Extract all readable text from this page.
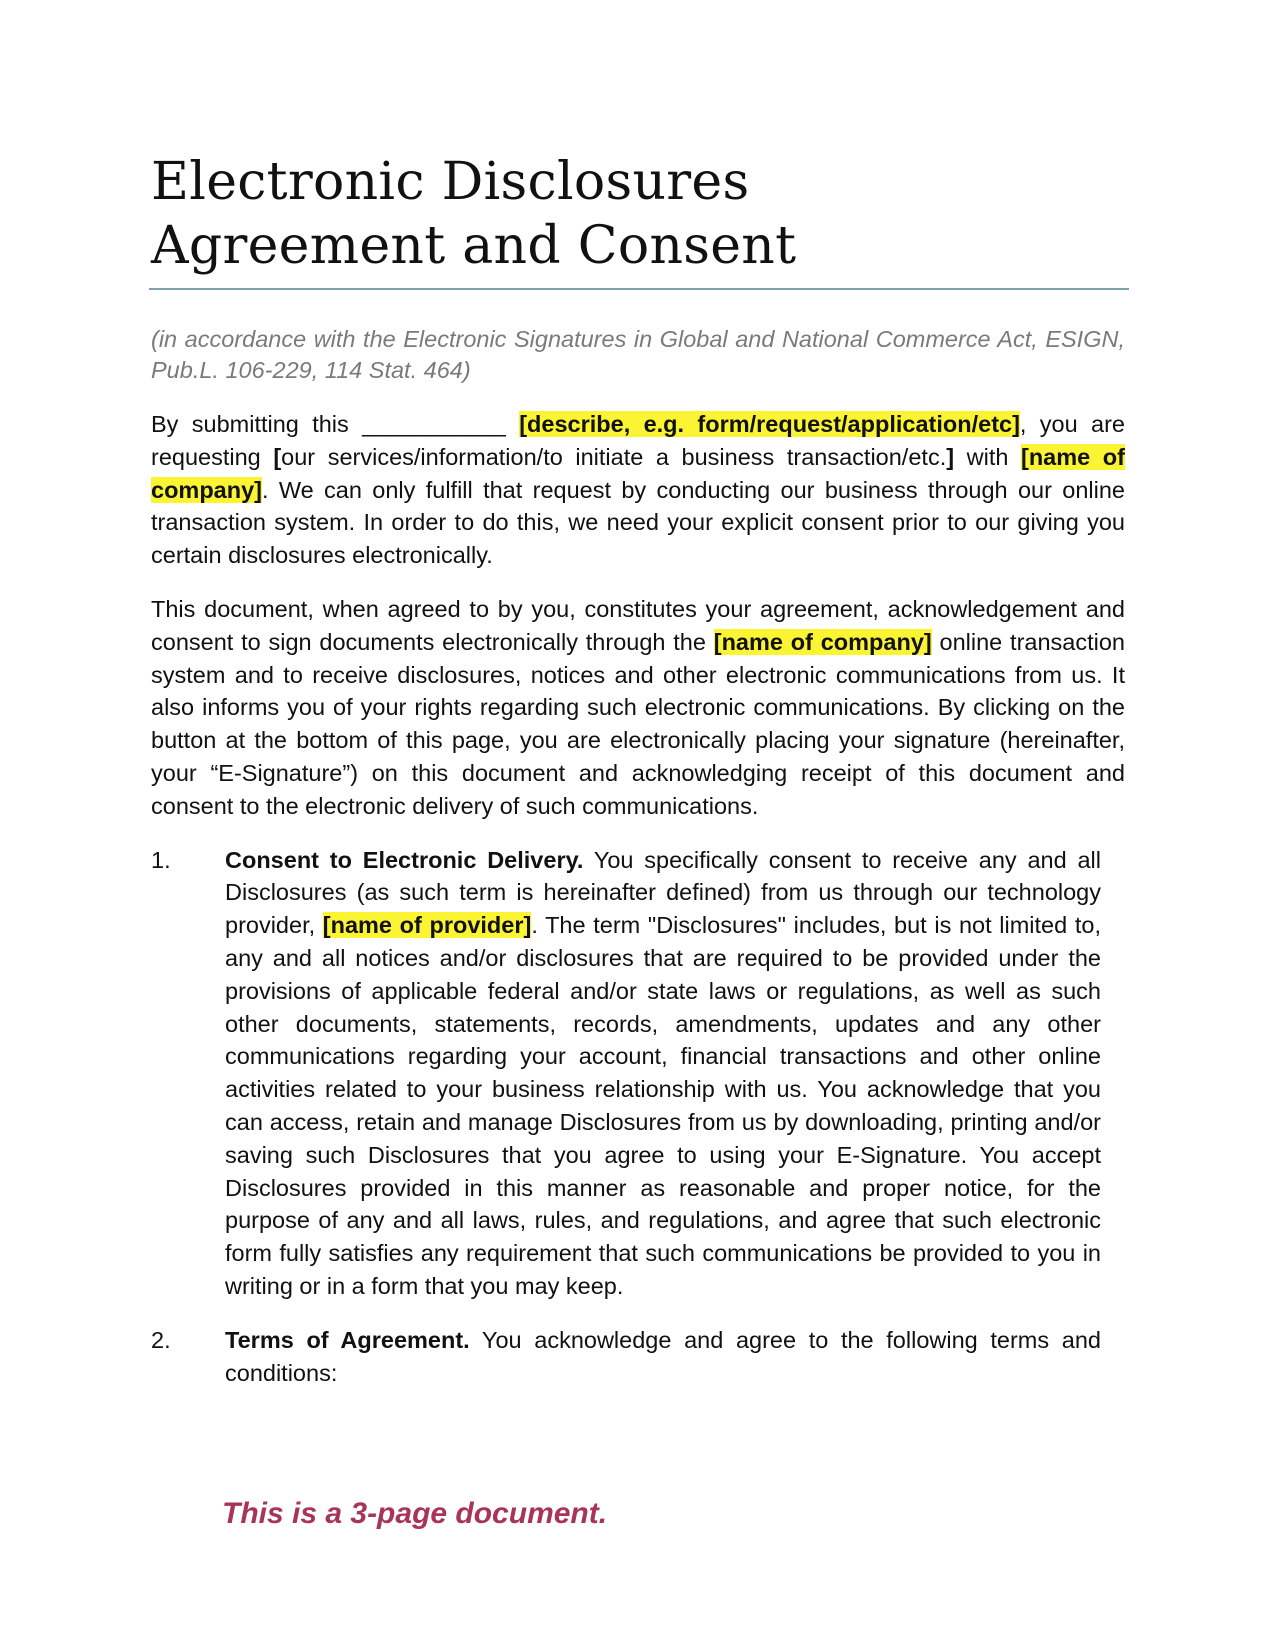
Electronic Disclosures
Agreement and Consent

(in accordance with the Electronic Signatures in Global and National Commerce Act, ESIGN, Pub.L. 106-229, 114 Stat. 464)

By submitting this ___________ [describe, e.g. form/request/application/etc], you are requesting [our services/information/to initiate a business transaction/etc.] with [name of company]. We can only fulfill that request by conducting our business through our online transaction system. In order to do this, we need your explicit consent prior to our giving you certain disclosures electronically.

This document, when agreed to by you, constitutes your agreement, acknowledgement and consent to sign documents electronically through the [name of company] online transaction system and to receive disclosures, notices and other electronic communications from us. It also informs you of your rights regarding such electronic communications. By clicking on the button at the bottom of this page, you are electronically placing your signature (hereinafter, your “E-Signature”) on this document and acknowledging receipt of this document and consent to the electronic delivery of such communications.

1.	Consent to Electronic Delivery. You specifically consent to receive any and all Disclosures (as such term is hereinafter defined) from us through our technology provider, [name of provider]. The term "Disclosures" includes, but is not limited to, any and all notices and/or disclosures that are required to be provided under the provisions of applicable federal and/or state laws or regulations, as well as such other documents, statements, records, amendments, updates and any other communications regarding your account, financial transactions and other online activities related to your business relationship with us. You acknowledge that you can access, retain and manage Disclosures from us by downloading, printing and/or saving such Disclosures that you agree to using your E-Signature. You accept Disclosures provided in this manner as reasonable and proper notice, for the purpose of any and all laws, rules, and regulations, and agree that such electronic form fully satisfies any requirement that such communications be provided to you in writing or in a form that you may keep.
2.	Terms of Agreement. You acknowledge and agree to the following terms and conditions:
This is a 3-page document.
